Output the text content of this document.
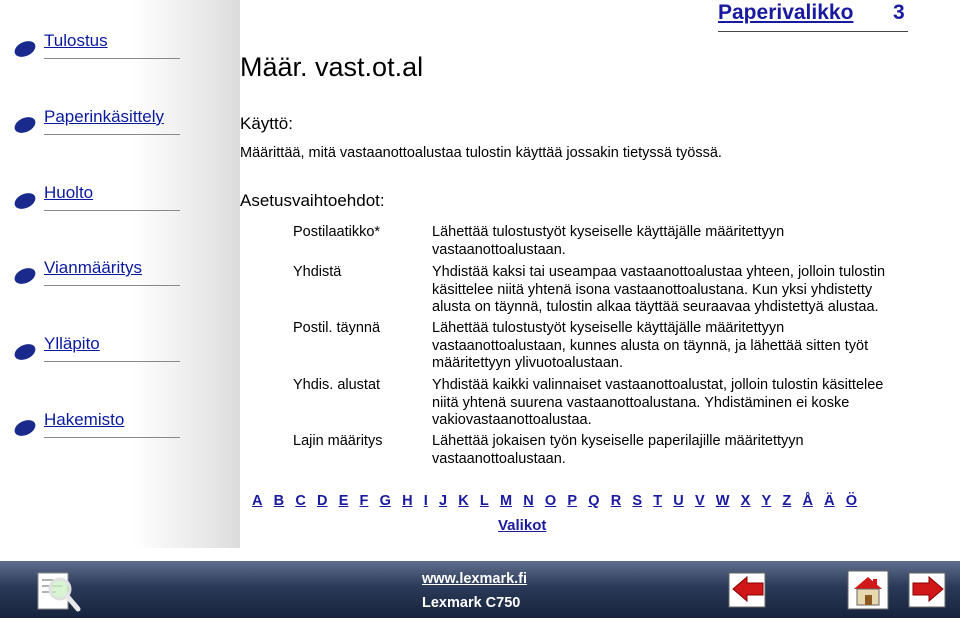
Tulostus
Paperinkäsittely
Huolto
Vianmääritys
Ylläpito
Hakemisto
Paperivalikko 3
Määr. vast.ot.al
Käyttö:
Määrittää, mitä vastaanottoalustaa tulostin käyttää jossakin tietyssä työssä.
Asetusvaihtoehdot:
Postilaatikko*	Lähettää tulostustyöt kyseiselle käyttäjälle määritettyyn vastaanottoalustaan.
Yhdistä	Yhdistää kaksi tai useampaa vastaanottoalustaa yhteen, jolloin tulostin käsittelee niitä yhtenä isona vastaanottoalustana. Kun yksi yhdistetty alusta on täynnä, tulostin alkaa täyttää seuraavaa yhdistettyä alustaa.
Postil. täynnä	Lähettää tulostustyöt kyseiselle käyttäjälle määritettyyn vastaanottoalustaan, kunnes alusta on täynnä, ja lähettää sitten työt määritettyyn ylivuotoalustaan.
Yhdis. alustat	Yhdistää kaikki valinnaiset vastaanottoalustat, jolloin tulostin käsittelee niitä yhtenä suurena vastaanottoalustana. Yhdistäminen ei koske vakiovastaanottoalustaa.
Lajin määritys	Lähettää jokaisen työn kyseiselle paperilajille määritettyyn vastaanottoalustaan.
A B C D E F G H I J K L M N O P Q R S T U V W X Y Z Å Ä Ö
Valikot
www.lexmark.fi
Lexmark C750
